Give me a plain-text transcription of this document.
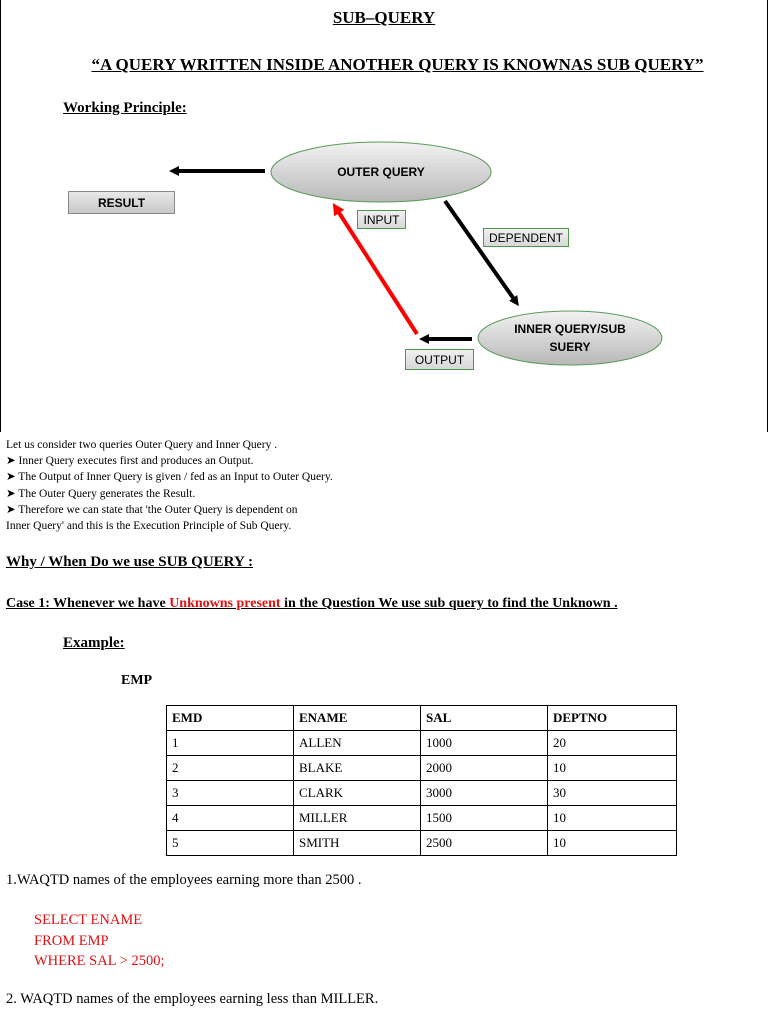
SUB–QUERY
“A QUERY WRITTEN INSIDE ANOTHER QUERY IS KNOWNAS SUB QUERY”
Working Principle:
OUTER QUERY
INNER QUERY/SUB
SUERY
RESULT
INPUT
DEPENDENT
OUTPUT
Let us consider two queries Outer Query and Inner Query .
➤ Inner Query executes first and produces an Output.
➤ The Output of Inner Query is given / fed as an Input to Outer Query.
➤ The Outer Query generates the Result.
➤ Therefore we can state that 'the Outer Query is dependent on
Inner Query' and this is the Execution Principle of Sub Query.
Why / When Do we use SUB QUERY :
Case 1: Whenever we have Unknowns present in the Question We use sub query to find the Unknown .
Example:
EMP
EMD	ENAME	SAL	DEPTNO
1	ALLEN	1000	20
2	BLAKE	2000	10
3	CLARK	3000	30
4	MILLER	1500	10
5	SMITH	2500	10
1.WAQTD names of the employees earning more than 2500 .
SELECT ENAME
FROM EMP
WHERE SAL > 2500;
2. WAQTD names of the employees earning less than MILLER.
